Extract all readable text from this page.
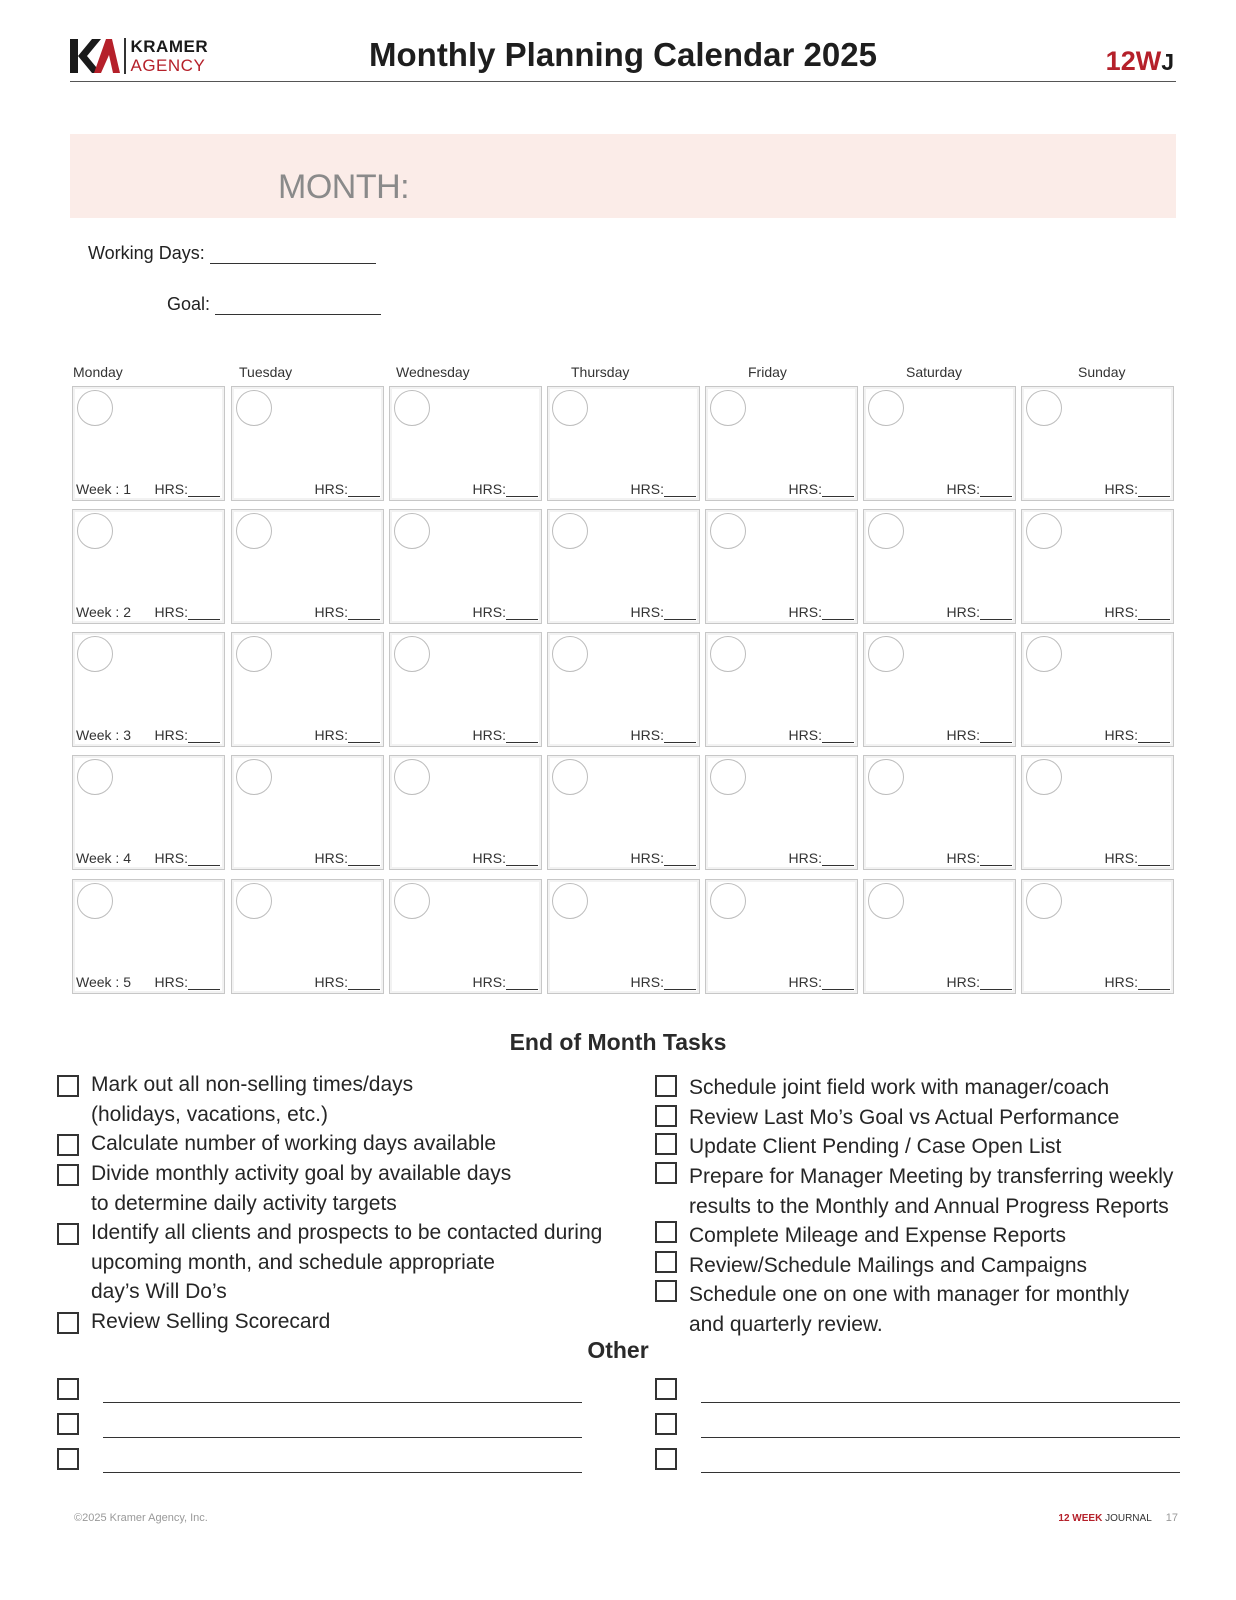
KRAMER
AGENCY	Monthly Planning Calendar 2025	12WJ
MONTH:
Working Days:
Goal:
Monday	Tuesday	Wednesday	Thursday	Friday	Saturday	Sunday
Week : 1 HRS:	HRS:	HRS:	HRS:	HRS:	HRS:	HRS:
Week : 2 HRS:	HRS:	HRS:	HRS:	HRS:	HRS:	HRS:
Week : 3 HRS:	HRS:	HRS:	HRS:	HRS:	HRS:	HRS:
Week : 4 HRS:	HRS:	HRS:	HRS:	HRS:	HRS:	HRS:
Week : 5 HRS:	HRS:	HRS:	HRS:	HRS:	HRS:	HRS:
End of Month Tasks
Mark out all non-selling times/days
(holidays, vacations, etc.)
Calculate number of working days available
Divide monthly activity goal by available days
to determine daily activity targets
Identify all clients and prospects to be contacted during
upcoming month, and schedule appropriate
day’s Will Do’s
Review Selling Scorecard
Schedule joint field work with manager/coach
Review Last Mo’s Goal vs Actual Performance
Update Client Pending / Case Open List
Prepare for Manager Meeting by transferring weekly
results to the Monthly and Annual Progress Reports
Complete Mileage and Expense Reports
Review/Schedule Mailings and Campaigns
Schedule one on one with manager for monthly
and quarterly review.
Other
©2025 Kramer Agency, Inc.	12 WEEK JOURNAL 17
